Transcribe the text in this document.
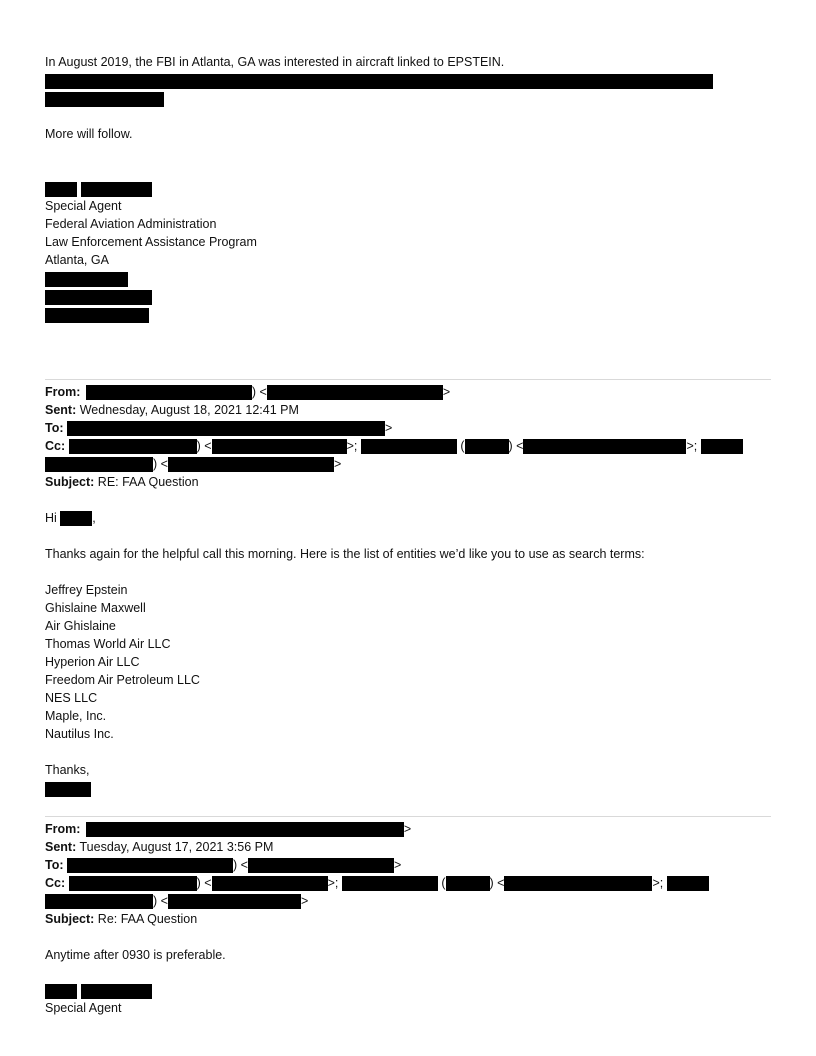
In August 2019, the FBI in Atlanta, GA was interested in aircraft linked to EPSTEIN.
More will follow.
Special Agent
Federal Aviation Administration
Law Enforcement Assistance Program
Atlanta, GA
From:	) <	>
Sent: Wednesday, August 18, 2021 12:41 PM
To:	>
Cc:	) <	>;	(	) <	>;
) <	>
Subject: RE: FAA Question
Hi	,
Thanks again for the helpful call this morning. Here is the list of entities we’d like you to use as search terms:
Jeffrey Epstein
Ghislaine Maxwell
Air Ghislaine
Thomas World Air LLC
Hyperion Air LLC
Freedom Air Petroleum LLC
NES LLC
Maple, Inc.
Nautilus Inc.
Thanks,
From:	>
Sent: Tuesday, August 17, 2021 3:56 PM
To:	) <	>
Cc:	) <	>;	(	) <	>;
) <	>
Subject: Re: FAA Question
Anytime after 0930 is preferable.
Special Agent
